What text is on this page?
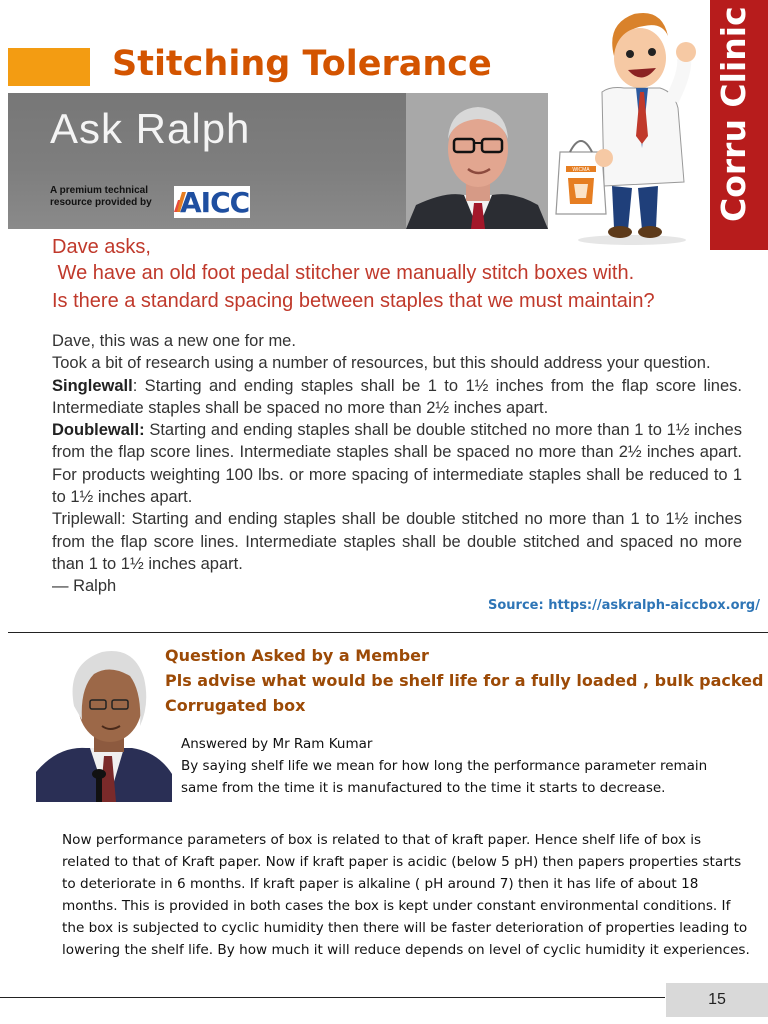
Stitching Tolerance
Ask Ralph
A premium technical resource provided by	AICC
WICMA	Corru Clinic
Dave asks,
We have an old foot pedal stitcher we manually stitch boxes with.
Is there a standard spacing between staples that we must maintain?

Dave, this was a new one for me.

Took a bit of research using a number of resources, but this should address your question.

Singlewall: Starting and ending staples shall be 1 to 1½ inches from the flap score lines. Intermediate staples shall be spaced no more than 2½ inches apart.

Doublewall: Starting and ending staples shall be double stitched no more than 1 to 1½ inches from the flap score lines. Intermediate staples shall be spaced no more than 2½ inches apart. For products weighting 100 lbs. or more spacing of intermediate staples shall be reduced to 1 to 1½ inches apart.

Triplewall: Starting and ending staples shall be double stitched no more than 1 to 1½ inches from the flap score lines. Intermediate staples shall be double stitched and spaced no more than 1 to 1½ inches apart.

— Ralph

Source: https://askralph-aiccbox.org/
Question Asked by a Member
Pls advise what would be shelf life for a fully loaded , bulk packed
Corrugated box

Answered by Mr Ram Kumar

By saying shelf life we mean for how long the performance parameter remain same from the time it is manufactured to the time it starts to decrease.

Now performance parameters of box is related to that of kraft paper. Hence shelf life of box is related to that of Kraft paper. Now if kraft paper is acidic (below 5 pH) then papers properties starts to deteriorate in 6 months. If kraft paper is alkaline ( pH around 7) then it has life of about 18 months. This is provided in both cases the box is kept under constant environmental conditions. If the box is subjected to cyclic humidity then there will be faster deterioration of properties leading to lowering the shelf life. By how much it will reduce depends on level of cyclic humidity it experiences.
15
